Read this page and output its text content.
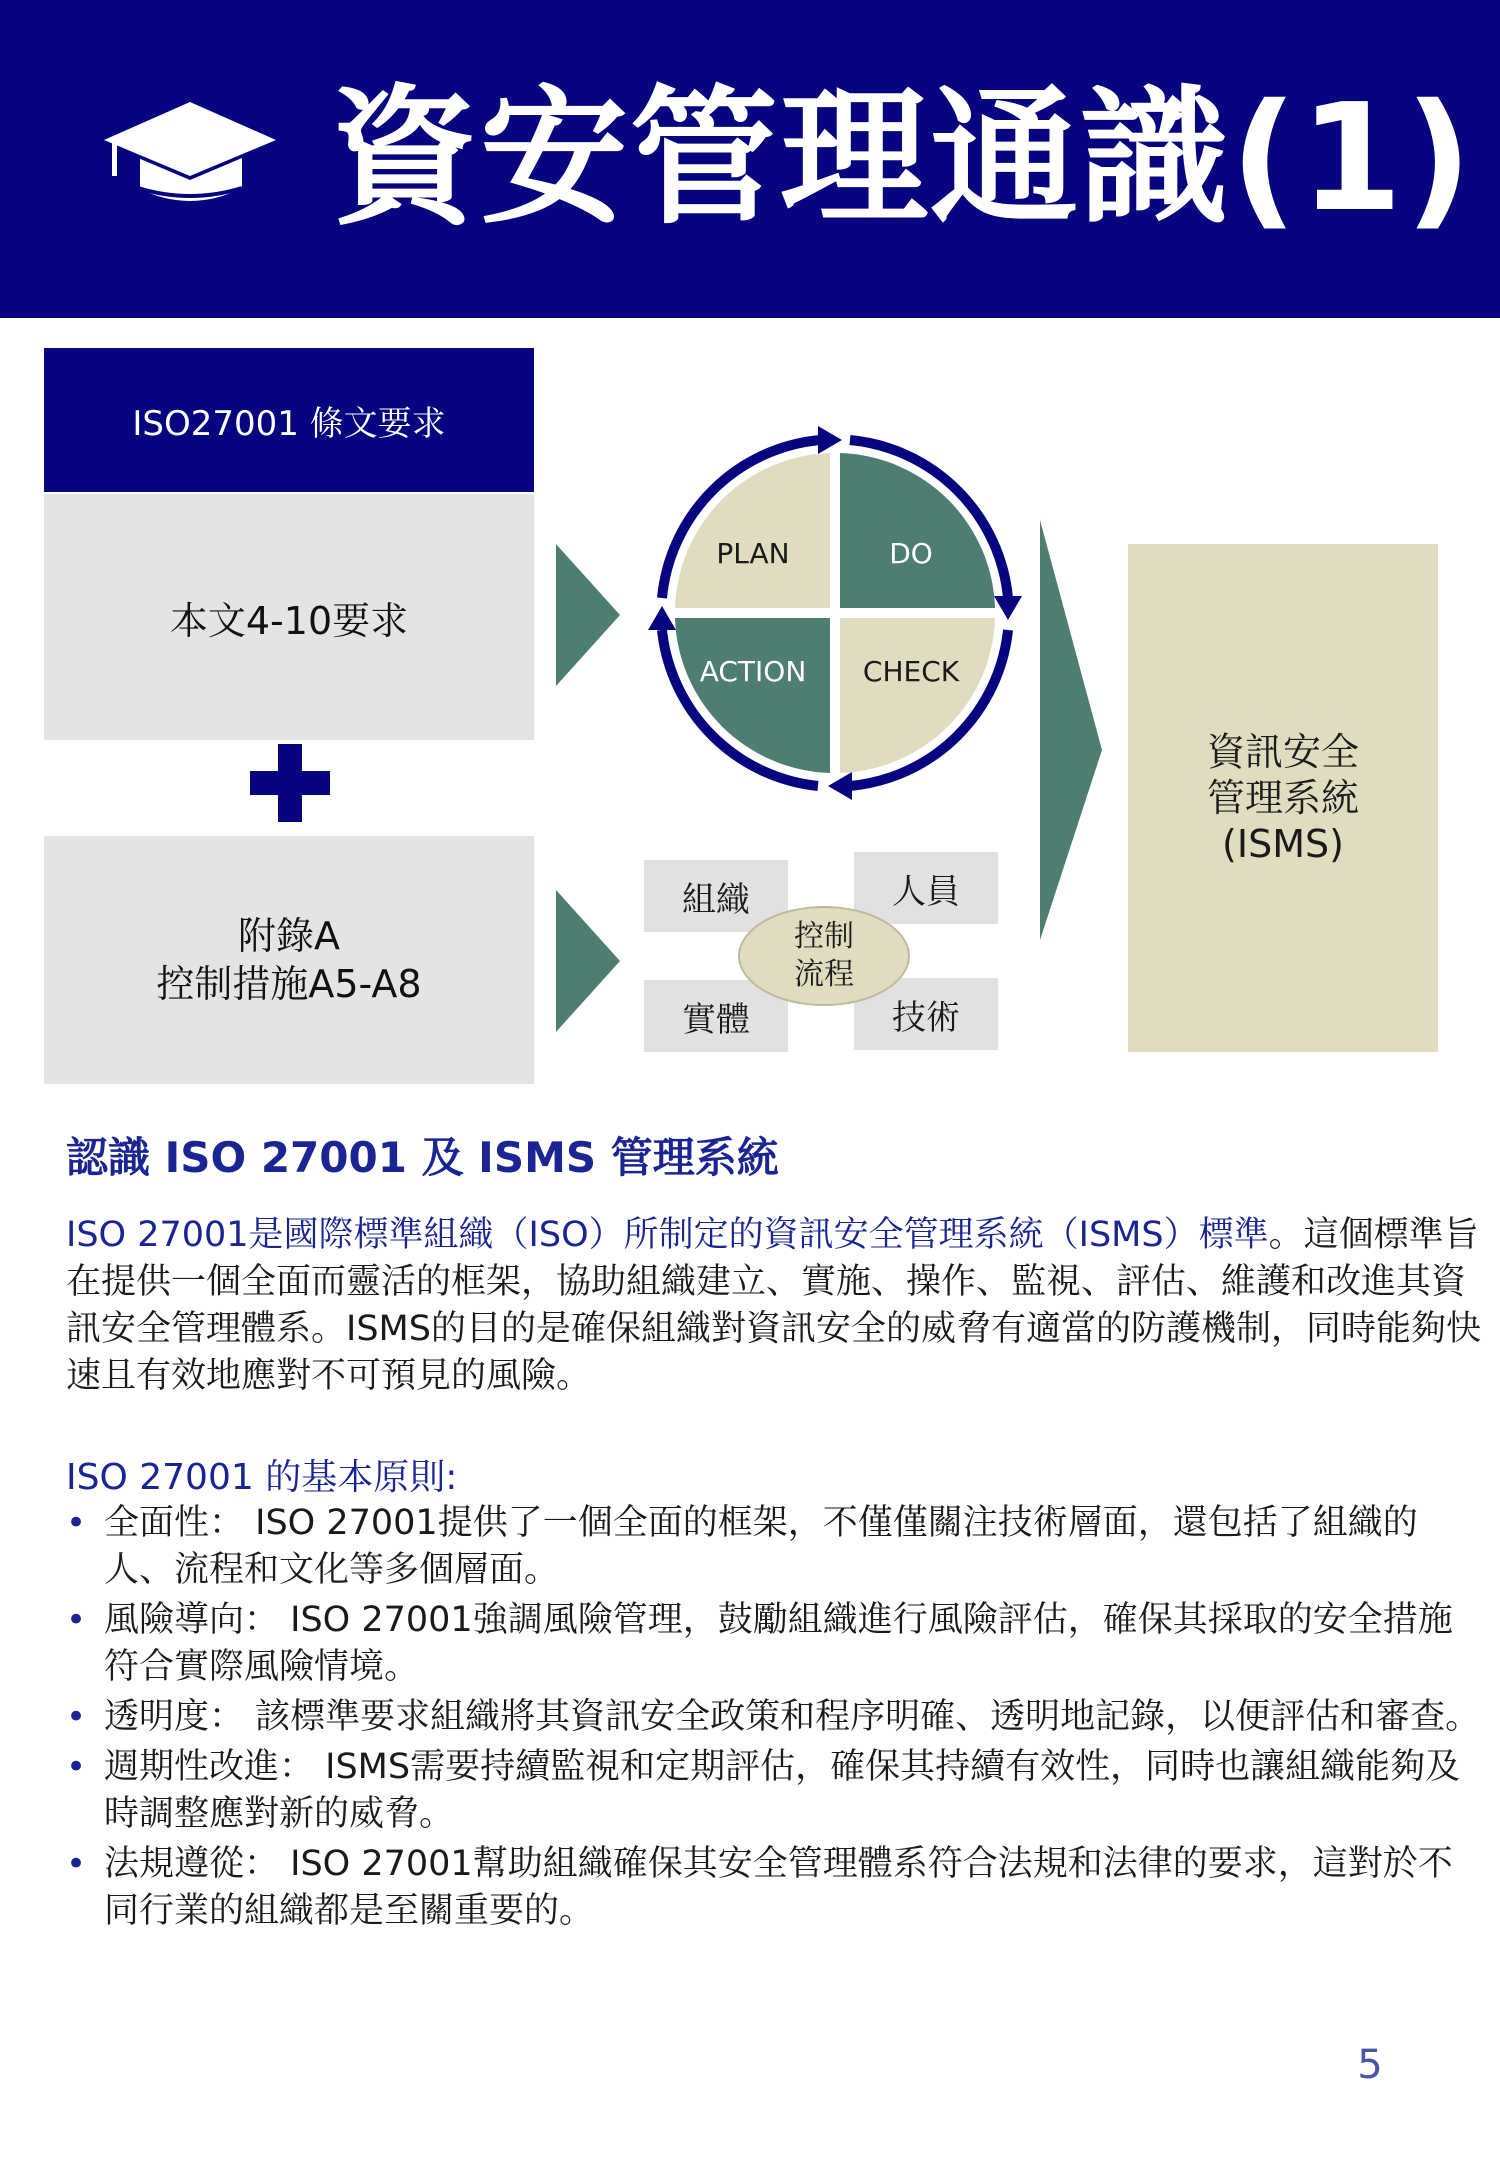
資安管理通識(1)
ISO27001 條文要求
本文4-10要求
附錄A
控制措施A5-A8
PLAN	DO
ACTION	CHECK
組織	人員
實體	技術
控制
流程
資訊安全
管理系統
(ISMS)
認識 ISO 27001 及 ISMS 管理系統
ISO 27001是國際標準組織（ISO）所制定的資訊安全管理系統（ISMS）標準。這個標準旨在提供一個全面而靈活的框架，協助組織建立、實施、操作、監視、評估、維護和改進其資訊安全管理體系。ISMS的目的是確保組織對資訊安全的威脅有適當的防護機制，同時能夠快速且有效地應對不可預見的風險。
ISO 27001 的基本原則:
• 全面性： ISO 27001提供了一個全面的框架，不僅僅關注技術層面，還包括了組織的人、流程和文化等多個層面。
• 風險導向： ISO 27001強調風險管理，鼓勵組織進行風險評估，確保其採取的安全措施符合實際風險情境。
• 透明度： 該標準要求組織將其資訊安全政策和程序明確、透明地記錄，以便評估和審查。
• 週期性改進： ISMS需要持續監視和定期評估，確保其持續有效性，同時也讓組織能夠及時調整應對新的威脅。
• 法規遵從： ISO 27001幫助組織確保其安全管理體系符合法規和法律的要求，這對於不同行業的組織都是至關重要的。
5
